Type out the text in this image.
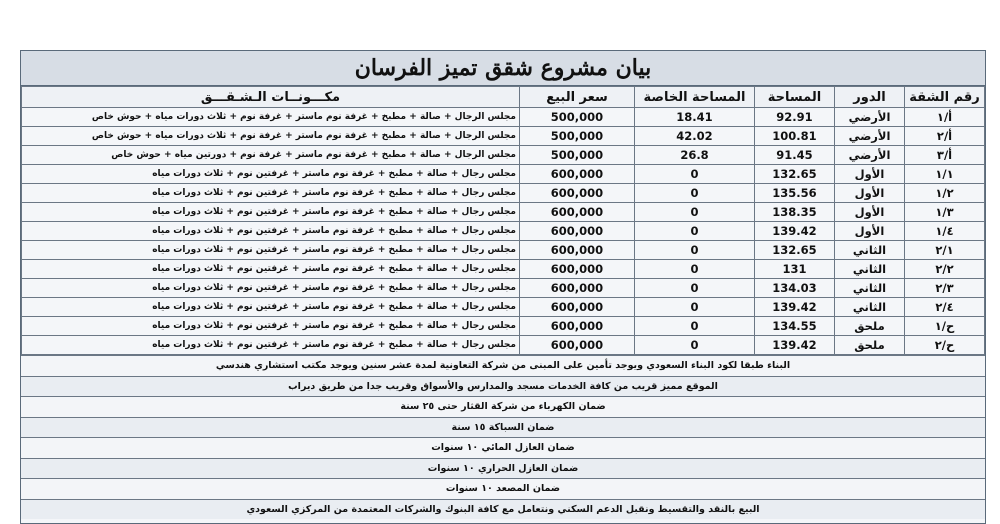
بيان مشروع شقق تميز الفرسان
رقم الشقة	الدور	المساحة	المساحة الخاصة	سعر البيع	مكـــونــات الـشـقـــق
أ/١	الأرضي	92.91	18.41	500,000	مجلس الرجال + صالة + مطبخ + غرفة نوم ماستر + غرفة نوم + ثلاث دورات مياه + حوش خاص
أ/٢	الأرضي	100.81	42.02	500,000	مجلس الرجال + صالة + مطبخ + غرفة نوم ماستر + غرفة نوم + ثلاث دورات مياه + حوش خاص
أ/٣	الأرضي	91.45	26.8	500,000	مجلس الرجال + صالة + مطبخ + غرفة نوم ماستر + غرفة نوم + دورتين مياه + حوش خاص
١/١	الأول	132.65	0	600,000	مجلس رجال + صالة + مطبخ + غرفة نوم ماستر + غرفتين نوم + ثلاث دورات مياه
١/٢	الأول	135.56	0	600,000	مجلس رجال + صالة + مطبخ + غرفة نوم ماستر + غرفتين نوم + ثلاث دورات مياه
١/٣	الأول	138.35	0	600,000	مجلس رجال + صالة + مطبخ + غرفة نوم ماستر + غرفتين نوم + ثلاث دورات مياه
١/٤	الأول	139.42	0	600,000	مجلس رجال + صالة + مطبخ + غرفة نوم ماستر + غرفتين نوم + ثلاث دورات مياه
٢/١	الثاني	132.65	0	600,000	مجلس رجال + صالة + مطبخ + غرفة نوم ماستر + غرفتين نوم + ثلاث دورات مياه
٢/٢	الثاني	131	0	600,000	مجلس رجال + صالة + مطبخ + غرفة نوم ماستر + غرفتين نوم + ثلاث دورات مياه
٢/٣	الثاني	134.03	0	600,000	مجلس رجال + صالة + مطبخ + غرفة نوم ماستر + غرفتين نوم + ثلاث دورات مياه
٢/٤	الثاني	139.42	0	600,000	مجلس رجال + صالة + مطبخ + غرفة نوم ماستر + غرفتين نوم + ثلاث دورات مياه
ح/١	ملحق	134.55	0	600,000	مجلس رجال + صالة + مطبخ + غرفة نوم ماستر + غرفتين نوم + ثلاث دورات مياه
ح/٢	ملحق	139.42	0	600,000	مجلس رجال + صالة + مطبخ + غرفة نوم ماستر + غرفتين نوم + ثلاث دورات مياه
البناء طبقا لكود البناء السعودي ويوجد تأمين على المبنى من شركة التعاونية لمدة عشر سنين ويوجد مكتب استشاري هندسي
الموقع مميز قريب من كافة الخدمات مسجد والمدارس والأسواق وقريب جدا من طريق ديراب
ضمان الكهرباء من شركة القثار حتى ٢٥ سنة
ضمان السباكة ١٥ سنة
ضمان العازل المائي ١٠ سنوات
ضمان العازل الحراري ١٠ سنوات
ضمان المصعد ١٠ سنوات
البيع بالنقد والتقسيط ونقبل الدعم السكني ونتعامل مع كافة البنوك والشركات المعتمدة من المركزي السعودي
